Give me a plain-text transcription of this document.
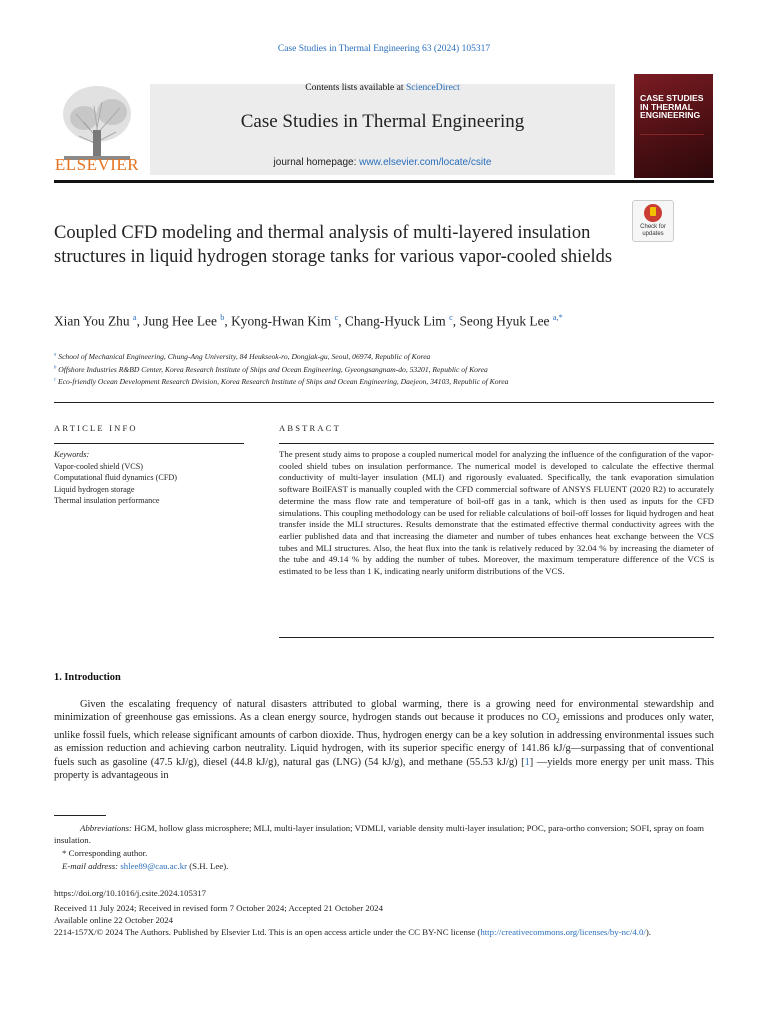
Case Studies in Thermal Engineering 63 (2024) 105317
ELSEVIER
Contents lists available at ScienceDirect
Case Studies in Thermal Engineering
journal homepage: www.elsevier.com/locate/csite
CASE STUDIES IN THERMAL ENGINEERING
Coupled CFD modeling and thermal analysis of multi-layered insulation structures in liquid hydrogen storage tanks for various vapor-cooled shields
Check for updates
Xian You Zhu $^a$, Jung Hee Lee $^b$, Kyong-Hwan Kim $^c$, Chang-Hyuck Lim $^c$, Seong Hyuk Lee $^{a,*}$
$^a$ School of Mechanical Engineering, Chung-Ang University, 84 Heukseok-ro, Dongjak-gu, Seoul, 06974, Republic of Korea
$^b$ Offshore Industries R&BD Center, Korea Research Institute of Ships and Ocean Engineering, Gyeongsangnam-do, 53201, Republic of Korea
$^c$ Eco-friendly Ocean Development Research Division, Korea Research Institute of Ships and Ocean Engineering, Daejeon, 34103, Republic of Korea
ARTICLE INFO
Keywords:
Vapor-cooled shield (VCS)
Computational fluid dynamics (CFD)
Liquid hydrogen storage
Thermal insulation performance
ABSTRACT
The present study aims to propose a coupled numerical model for analyzing the influence of the configuration of the vapor-cooled shield tubes on insulation performance. The numerical model is developed to calculate the effective thermal conductivity of multi-layer insulation (MLI) and rigorously evaluated. Specifically, the tank evaporation simulation software BoilFAST is manually coupled with the CFD commercial software of ANSYS FLUENT (2020 R2) to accurately determine the mass flow rate and temperature of boil-off gas in a tank, which is then used as inputs for the CFD simulations. This coupling methodology can be used for reliable calculations of boil-off losses for liquid hydrogen and heat transfer inside the MLI structures. Results demonstrate that the estimated effective thermal conductivity agrees with the earlier published data and that increasing the diameter and number of tubes enhances heat exchange between the VCS tubes and MLI structures. Also, the heat flux into the tank is relatively reduced by 32.04 % by increasing the diameter of the tube and 49.14 % by adding the number of tubes. Moreover, the maximum temperature difference of the VCS is estimated to be less than 1 K, indicating nearly uniform distributions of the VCS.
1. Introduction
Given the escalating frequency of natural disasters attributed to global warming, there is a growing need for environmental stewardship and minimization of greenhouse gas emissions. As a clean energy source, hydrogen stands out because it produces no $CO_2$ emissions and produces only water, unlike fossil fuels, which release significant amounts of carbon dioxide. Thus, hydrogen energy can be a key solution in addressing environmental issues such as emission reduction and achieving carbon neutrality. Liquid hydrogen, with its superior specific energy of 141.86 kJ/g—surpassing that of conventional fuels such as gasoline (47.5 kJ/g), diesel (44.8 kJ/g), natural gas (LNG) (54 kJ/g), and methane (55.53 kJ/g) [1] —yields more energy per unit mass. This property is advantageous in
Abbreviations: HGM, hollow glass microsphere; MLI, multi-layer insulation; VDMLI, variable density multi-layer insulation; POC, para-ortho conversion; SOFI, spray on foam insulation.
* Corresponding author.
E-mail address: shlee89@cau.ac.kr (S.H. Lee).
https://doi.org/10.1016/j.csite.2024.105317
Received 11 July 2024; Received in revised form 7 October 2024; Accepted 21 October 2024
Available online 22 October 2024
2214-157X/© 2024 The Authors. Published by Elsevier Ltd. This is an open access article under the CC BY-NC license (http://creativecommons.org/licenses/by-nc/4.0/).
